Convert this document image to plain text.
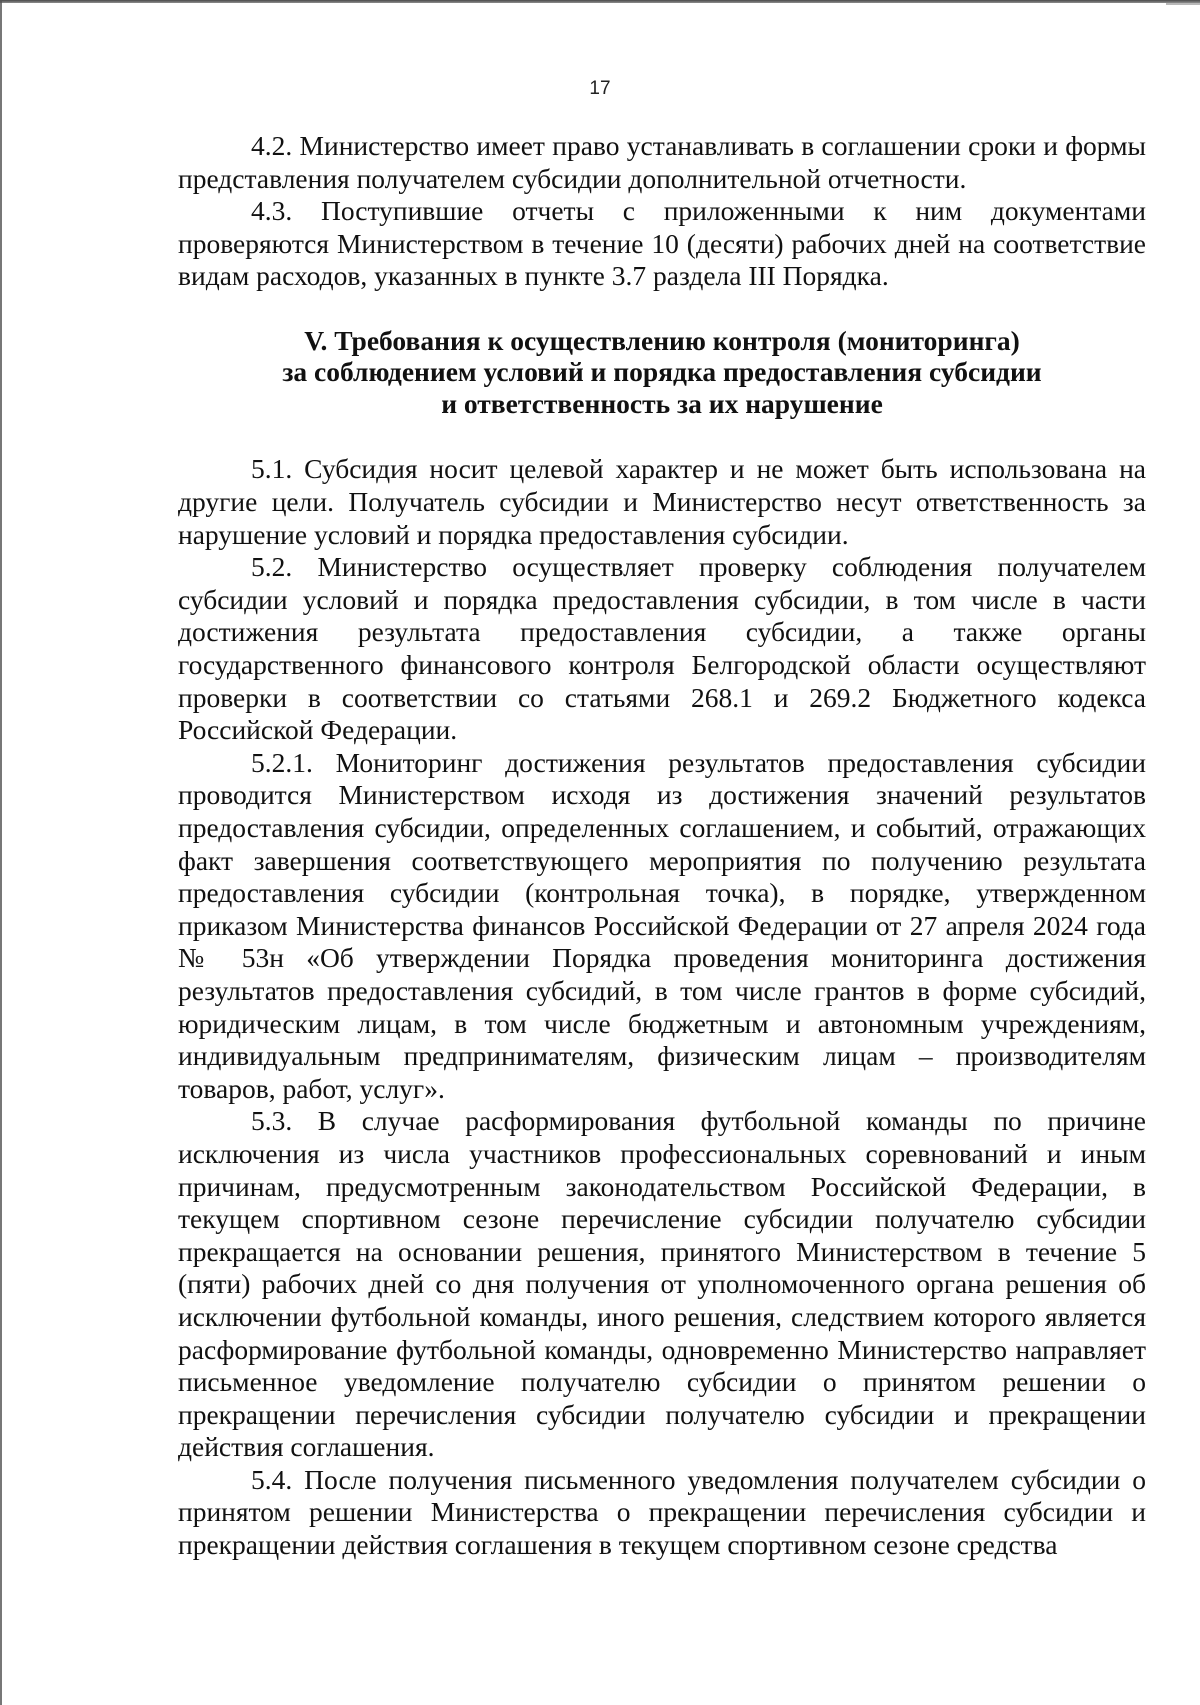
17

4.2. Министерство имеет право устанавливать в соглашении сроки и формы представления получателем субсидии дополнительной отчетности.

4.3. Поступившие отчеты с приложенными к ним документами проверяются Министерством в течение 10 (десяти) рабочих дней на соответствие видам расходов, указанных в пункте 3.7 раздела III Порядка.

V. Требования к осуществлению контроля (мониторинга)
за соблюдением условий и порядка предоставления субсидии
и ответственность за их нарушение

5.1. Субсидия носит целевой характер и не может быть использована на другие цели. Получатель субсидии и Министерство несут ответственность за нарушение условий и порядка предоставления субсидии.

5.2. Министерство осуществляет проверку соблюдения получателем субсидии условий и порядка предоставления субсидии, в том числе в части достижения результата предоставления субсидии, а также органы государственного финансового контроля Белгородской области осуществляют проверки в соответствии со статьями 268.1 и 269.2 Бюджетного кодекса Российской Федерации.

5.2.1. Мониторинг достижения результатов предоставления субсидии проводится Министерством исходя из достижения значений результатов предоставления субсидии, определенных соглашением, и событий, отражающих факт завершения соответствующего мероприятия по получению результата предоставления субсидии (контрольная точка), в порядке, утвержденном приказом Министерства финансов Российской Федерации от 27 апреля 2024 года № 53н «Об утверждении Порядка проведения мониторинга достижения результатов предоставления субсидий, в том числе грантов в форме субсидий, юридическим лицам, в том числе бюджетным и автономным учреждениям, индивидуальным предпринимателям, физическим лицам – производителям товаров, работ, услуг».

5.3. В случае расформирования футбольной команды по причине исключения из числа участников профессиональных соревнований и иным причинам, предусмотренным законодательством Российской Федерации, в текущем спортивном сезоне перечисление субсидии получателю субсидии прекращается на основании решения, принятого Министерством в течение 5 (пяти) рабочих дней со дня получения от уполномоченного органа решения об исключении футбольной команды, иного решения, следствием которого является расформирование футбольной команды, одновременно Министерство направляет письменное уведомление получателю субсидии о принятом решении о прекращении перечисления субсидии получателю субсидии и прекращении действия соглашения.

5.4. После получения письменного уведомления получателем субсидии о принятом решении Министерства о прекращении перечисления субсидии и прекращении действия соглашения в текущем спортивном сезоне средства
